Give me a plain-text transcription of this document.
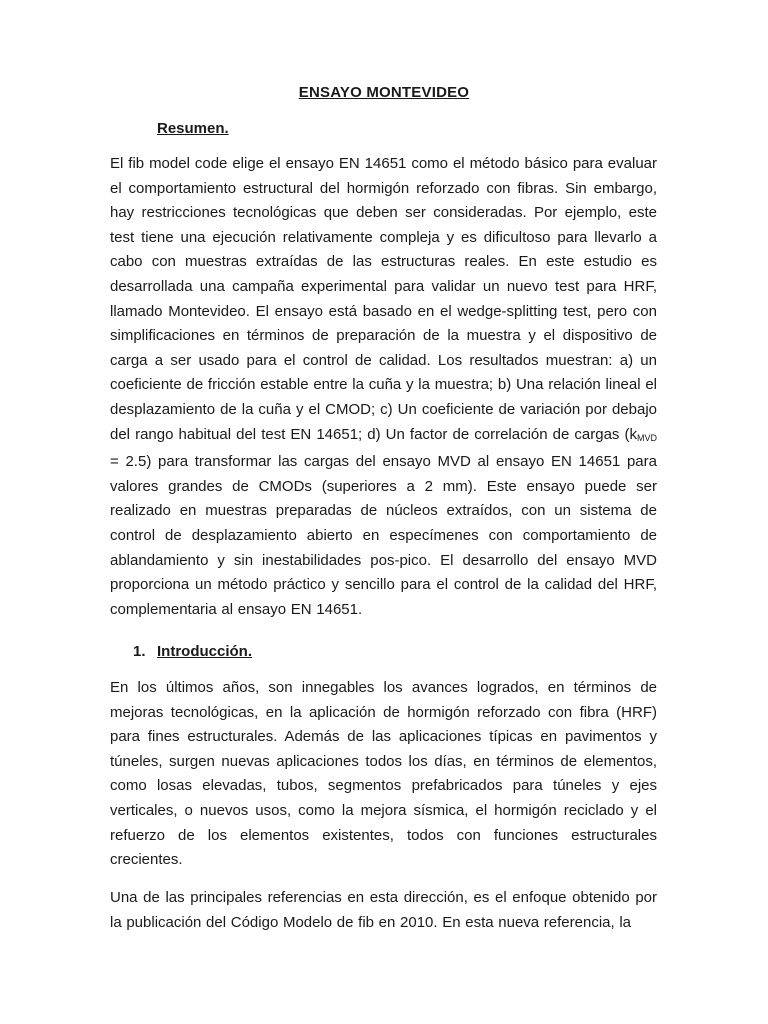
ENSAYO MONTEVIDEO
Resumen.

El fib model code elige el ensayo EN 14651 como el método básico para evaluar el comportamiento estructural del hormigón reforzado con fibras. Sin embargo, hay restricciones tecnológicas que deben ser consideradas. Por ejemplo, este test tiene una ejecución relativamente compleja y es dificultoso para llevarlo a cabo con muestras extraídas de las estructuras reales. En este estudio es desarrollada una campaña experimental para validar un nuevo test para HRF, llamado Montevideo. El ensayo está basado en el wedge-splitting test, pero con simplificaciones en términos de preparación de la muestra y el dispositivo de carga a ser usado para el control de calidad. Los resultados muestran: a) un coeficiente de fricción estable entre la cuña y la muestra; b) Una relación lineal el desplazamiento de la cuña y el CMOD; c) Un coeficiente de variación por debajo del rango habitual del test EN 14651; d) Un factor de correlación de cargas $(k_{MVD} = 2.5)$ para transformar las cargas del ensayo MVD al ensayo EN 14651 para valores grandes de CMODs (superiores a 2 mm). Este ensayo puede ser realizado en muestras preparadas de núcleos extraídos, con un sistema de control de desplazamiento abierto en especímenes con comportamiento de ablandamiento y sin inestabilidades pos-pico. El desarrollo del ensayo MVD proporciona un método práctico y sencillo para el control de la calidad del HRF, complementaria al ensayo EN 14651.

1. Introducción.

En los últimos años, son innegables los avances logrados, en términos de mejoras tecnológicas, en la aplicación de hormigón reforzado con fibra (HRF) para fines estructurales. Además de las aplicaciones típicas en pavimentos y túneles, surgen nuevas aplicaciones todos los días, en términos de elementos, como losas elevadas, tubos, segmentos prefabricados para túneles y ejes verticales, o nuevos usos, como la mejora sísmica, el hormigón reciclado y el refuerzo de los elementos existentes, todos con funciones estructurales crecientes.

Una de las principales referencias en esta dirección, es el enfoque obtenido por la publicación del Código Modelo de fib en 2010. En esta nueva referencia, la
